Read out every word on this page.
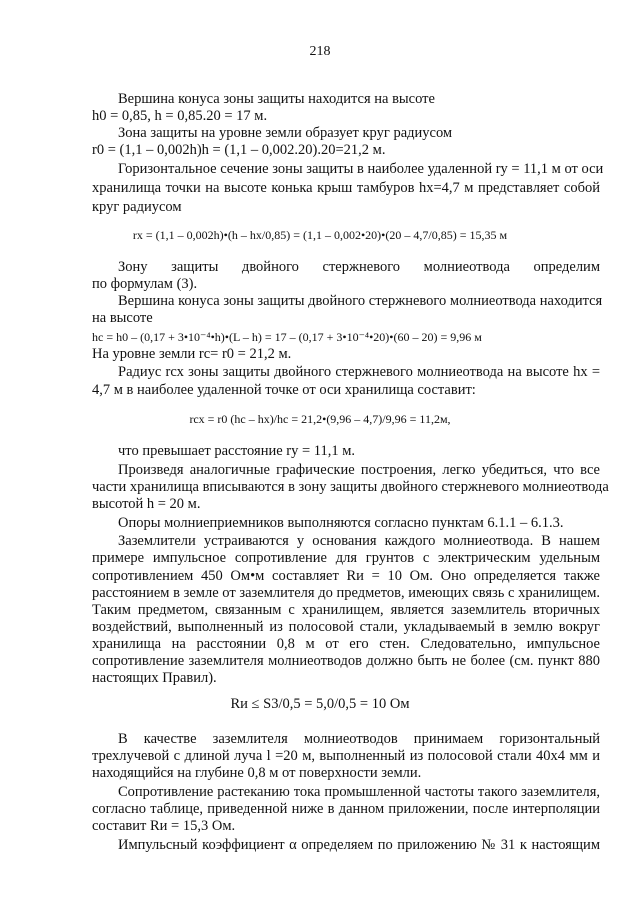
218
Вершина конуса зоны защиты находится на высоте
h0 = 0,85, h = 0,85.20 = 17 м.
Зона защиты на уровне земли образует круг радиусом
r0 = (1,1 – 0,002h)h = (1,1 – 0,002.20).20=21,2 м.
Горизонтальное сечение зоны защиты в наиболее удаленной rу = 11,1 м от оси
хранилища точки на высоте конька крыш тамбуров hх=4,7 м представляет собой
круг радиусом
rх = (1,1 – 0,002h)•(h – hх/0,85) = (1,1 – 0,002•20)•(20 – 4,7/0,85) = 15,35 м
Зону защиты двойного стержневого молниеотвода определим
по формулам (3).
Вершина конуса зоны защиты двойного стержневого молниеотвода находится
на высоте
hс = h0 – (0,17 + 3•10⁻⁴•h)•(L – h) = 17 – (0,17 + 3•10⁻⁴•20)•(60 – 20) = 9,96 м
На уровне земли rc= r0 = 21,2 м.
Радиус rсх зоны защиты двойного стержневого молниеотвода на высоте hх =
4,7 м в наиболее удаленной точке от оси хранилища составит:
rсх = r0 (hс – hх)/hс = 21,2•(9,96 – 4,7)/9,96 = 11,2м,
что превышает расстояние rу = 11,1 м.
Произведя аналогичные графические построения, легко убедиться, что все
части хранилища вписываются в зону защиты двойного стержневого молниеотвода
высотой h = 20 м.
Опоры молниеприемников выполняются согласно пунктам 6.1.1 – 6.1.3.
Заземлители устраиваются у основания каждого молниеотвода. В нашем
примере импульсное сопротивление для грунтов с электрическим удельным
сопротивлением 450 Ом•м составляет Rи = 10 Ом. Оно определяется также
расстоянием в земле от заземлителя до предметов, имеющих связь с хранилищем.
Таким предметом, связанным с хранилищем, является заземлитель вторичных
воздействий, выполненный из полосовой стали, укладываемый в землю вокруг
хранилища на расстоянии 0,8 м от его стен. Следовательно, импульсное
сопротивление заземлителя молниеотводов должно быть не более (см. пункт 880
настоящих Правил).
Rи ≤ S3/0,5 = 5,0/0,5 = 10 Ом
В качестве заземлителя молниеотводов принимаем горизонтальный
трехлучевой с длиной луча l =20 м, выполненный из полосовой стали 40х4 мм и
находящийся на глубине 0,8 м от поверхности земли.
Сопротивление растеканию тока промышленной частоты такого заземлителя,
согласно таблице, приведенной ниже в данном приложении, после интерполяции
составит Rи = 15,3 Ом.
Импульсный коэффициент α определяем по приложению № 31 к настоящим
